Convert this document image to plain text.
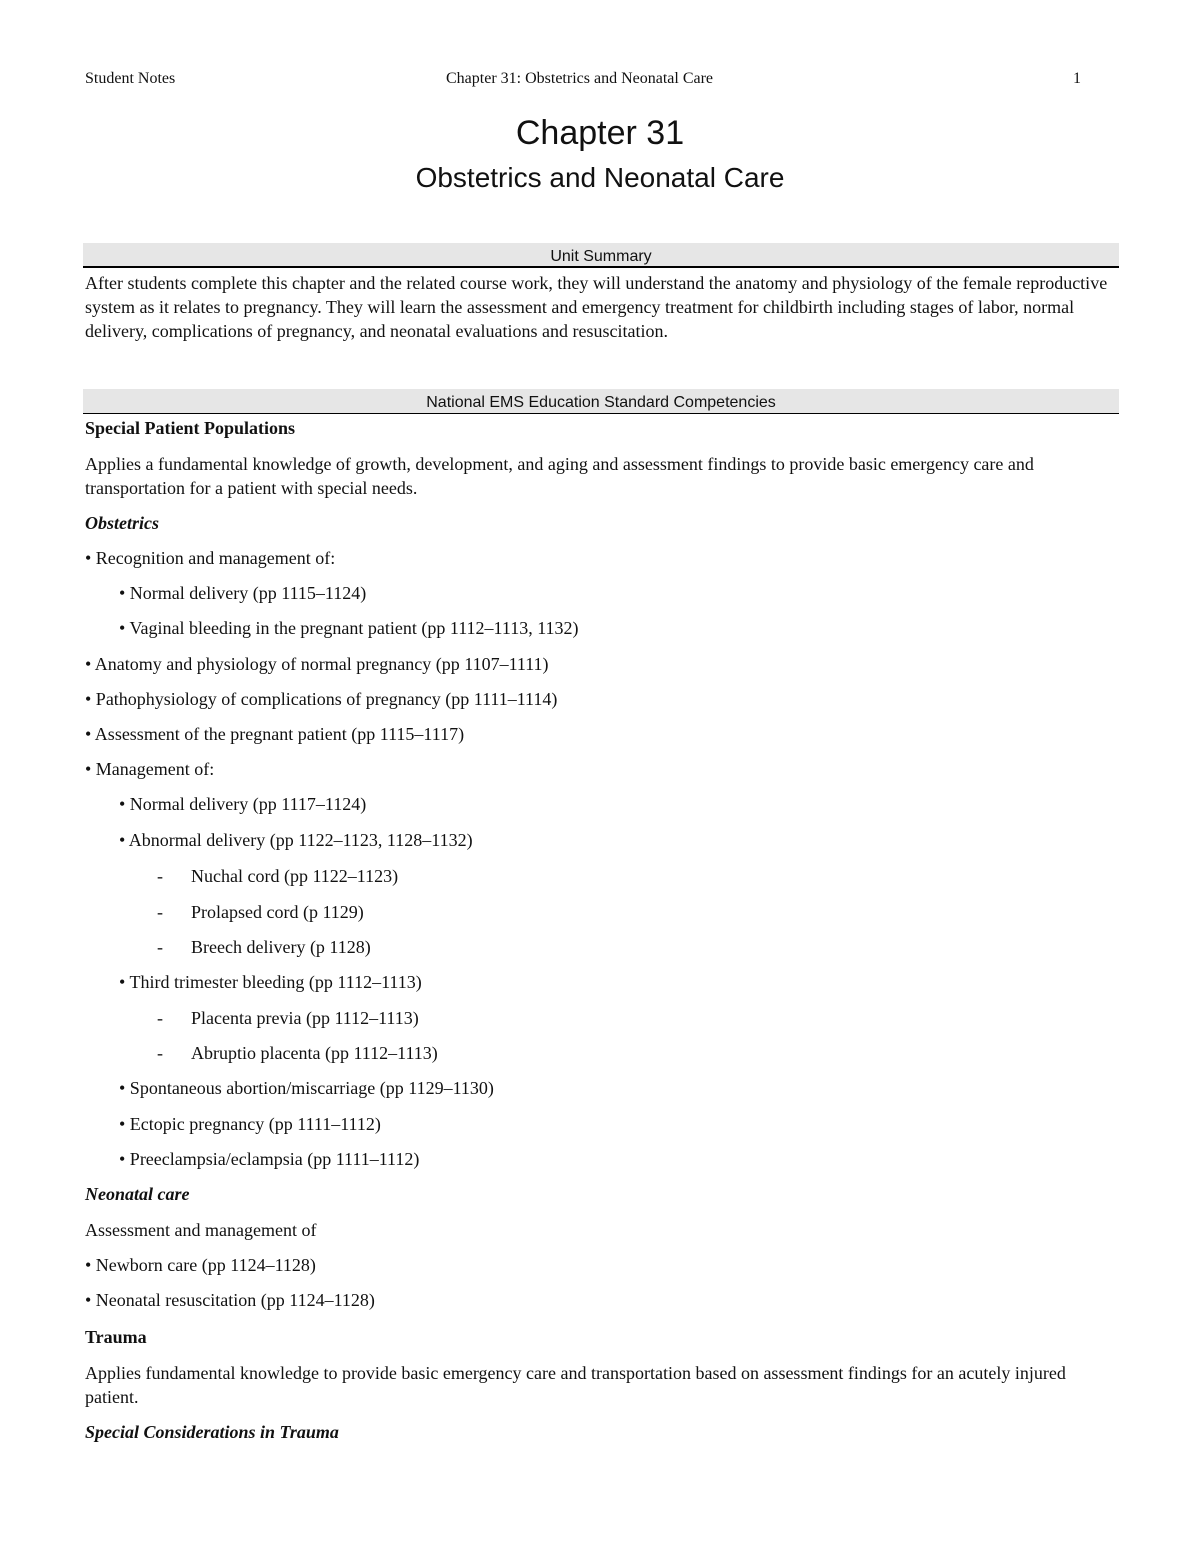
Student Notes	Chapter 31: Obstetrics and Neonatal Care	1
Chapter 31
Obstetrics and Neonatal Care
Unit Summary
After students complete this chapter and the related course work, they will understand the anatomy and physiology of the female reproductive system as it relates to pregnancy. They will learn the assessment and emergency treatment for childbirth including stages of labor, normal delivery, complications of pregnancy, and neonatal evaluations and resuscitation.
National EMS Education Standard Competencies
Special Patient Populations
Applies a fundamental knowledge of growth, development, and aging and assessment findings to provide basic emergency care and transportation for a patient with special needs.
Obstetrics
• Recognition and management of:
• Normal delivery (pp 1115–1124)
• Vaginal bleeding in the pregnant patient (pp 1112–1113, 1132)
• Anatomy and physiology of normal pregnancy (pp 1107–1111)
• Pathophysiology of complications of pregnancy (pp 1111–1114)
• Assessment of the pregnant patient (pp 1115–1117)
• Management of:
• Normal delivery (pp 1117–1124)
• Abnormal delivery (pp 1122–1123, 1128–1132)
- Nuchal cord (pp 1122–1123)
- Prolapsed cord (p 1129)
- Breech delivery (p 1128)
• Third trimester bleeding (pp 1112–1113)
- Placenta previa (pp 1112–1113)
- Abruptio placenta (pp 1112–1113)
• Spontaneous abortion/miscarriage (pp 1129–1130)
• Ectopic pregnancy (pp 1111–1112)
• Preeclampsia/eclampsia (pp 1111–1112)
Neonatal care
Assessment and management of
• Newborn care (pp 1124–1128)
• Neonatal resuscitation (pp 1124–1128)
Trauma
Applies fundamental knowledge to provide basic emergency care and transportation based on assessment findings for an acutely injured patient.
Special Considerations in Trauma
